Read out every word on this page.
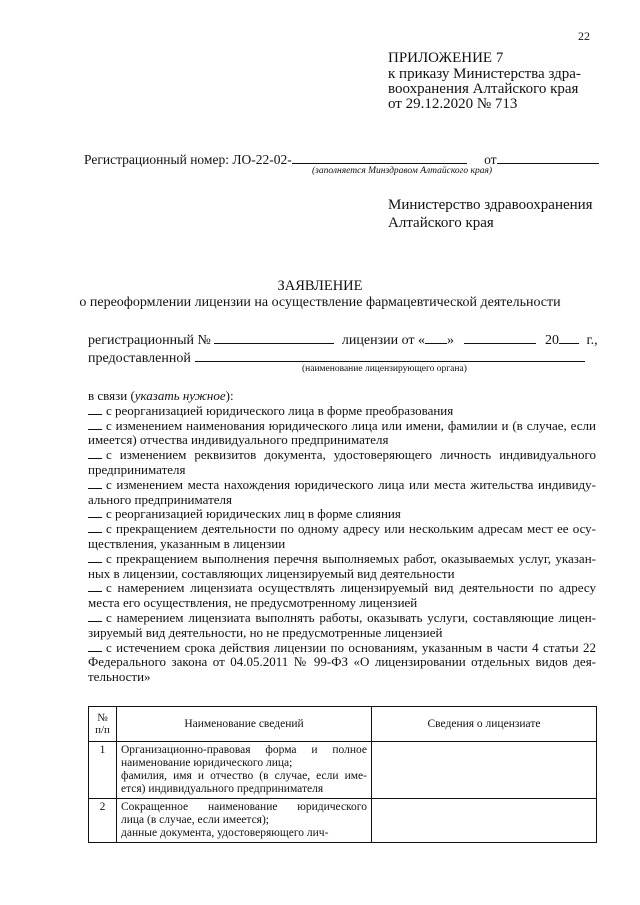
22
ПРИЛОЖЕНИЕ 7
к приказу Министерства здра-
воохранения Алтайского края
от 29.12.2020 № 713
Регистрационный номер: ЛО-22-02-	от
(заполняется Минздравом Алтайского края)
Министерство здравоохранения
Алтайского края
ЗАЯВЛЕНИЕ
о переоформлении лицензии на осуществление фармацевтической деятельности
регистрационный №	лицензии от « »	20 г.,
предоставленной
(наименование лицензирующего органа)
в связи (указать нужное):
с реорганизацией юридического лица в форме преобразования
с изменением наименования юридического лица или имени, фамилии и (в случае, если
имеется) отчества индивидуального предпринимателя
с изменением реквизитов документа, удостоверяющего личность индивидуального
предпринимателя
с изменением места нахождения юридического лица или места жительства индивиду-
ального предпринимателя
с реорганизацией юридических лиц в форме слияния
с прекращением деятельности по одному адресу или нескольким адресам мест ее осу-
ществления, указанным в лицензии
с прекращением выполнения перечня выполняемых работ, оказываемых услуг, указан-
ных в лицензии, составляющих лицензируемый вид деятельности
с намерением лицензиата осуществлять лицензируемый вид деятельности по адресу
места его осуществления, не предусмотренному лицензией
с намерением лицензиата выполнять работы, оказывать услуги, составляющие лицен-
зируемый вид деятельности, но не предусмотренные лицензией
с истечением срока действия лицензии по основаниям, указанным в части 4 статьи 22
Федерального закона от 04.05.2011 № 99-ФЗ «О лицензировании отдельных видов дея-
тельности»
№ п/п	Наименование сведений	Сведения о лицензиате
1	Организационно-правовая форма и полное
наименование юридического лица;
фамилия, имя и отчество (в случае, если име-
ется) индивидуального предпринимателя	

2	Сокращенное наименование юридического
лица (в случае, если имеется);
данные документа, удостоверяющего лич-	
